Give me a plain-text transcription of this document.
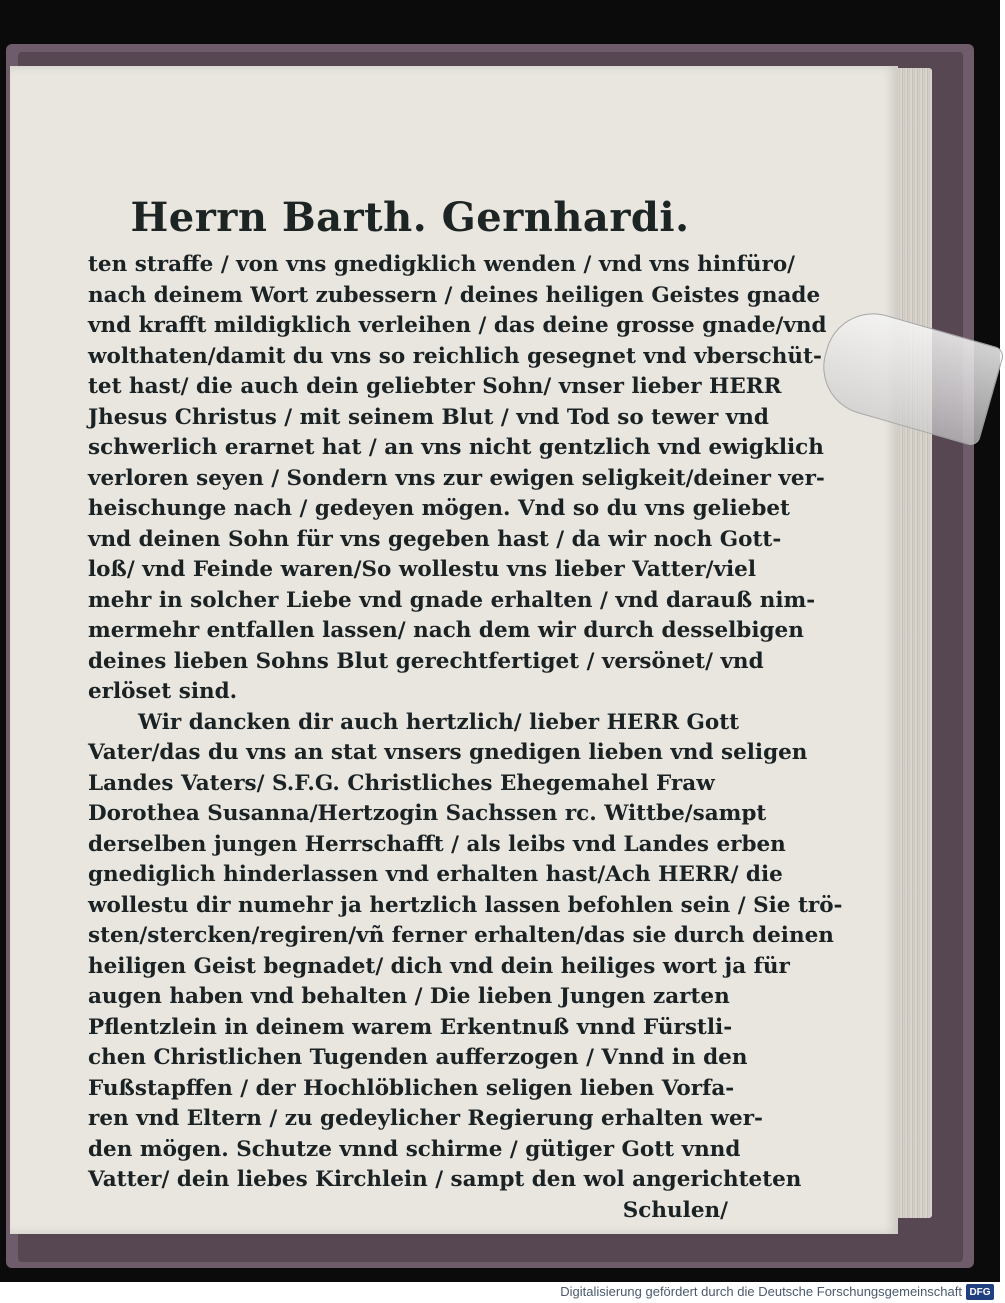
Herrn Barth. Gernhardi.
ten straffe / von vns gnedigklich wenden / vnd vns hinfüro/
nach deinem Wort zubessern / deines heiligen Geistes gnade
vnd krafft mildigklich verleihen / das deine grosse gnade/vnd
wolthaten/damit du vns so reichlich gesegnet vnd vberschüt-
tet hast/ die auch dein geliebter Sohn/ vnser lieber HERR
Jhesus Christus / mit seinem Blut / vnd Tod so tewer vnd
schwerlich erarnet hat / an vns nicht gentzlich vnd ewigklich
verloren seyen / Sondern vns zur ewigen seligkeit/deiner ver-
heischunge nach / gedeyen mögen. Vnd so du vns geliebet
vnd deinen Sohn für vns gegeben hast / da wir noch Gott-
loß/ vnd Feinde waren/So wollestu vns lieber Vatter/viel
mehr in solcher Liebe vnd gnade erhalten / vnd darauß nim-
mermehr entfallen lassen/ nach dem wir durch desselbigen
deines lieben Sohns Blut gerechtfertiget / versönet/ vnd
erlöset sind.
Wir dancken dir auch hertzlich/ lieber HERR Gott
Vater/das du vns an stat vnsers gnedigen lieben vnd seligen
Landes Vaters/ S.F.G. Christliches Ehegemahel Fraw
Dorothea Susanna/Hertzogin Sachssen rc. Wittbe/sampt
derselben jungen Herrschafft / als leibs vnd Landes erben
gnediglich hinderlassen vnd erhalten hast/Ach HERR/ die
wollestu dir numehr ja hertzlich lassen befohlen sein / Sie trö-
sten/stercken/regiren/vñ ferner erhalten/das sie durch deinen
heiligen Geist begnadet/ dich vnd dein heiliges wort ja für
augen haben vnd behalten / Die lieben Jungen zarten
Pflentzlein in deinem warem Erkentnuß vnnd Fürstli-
chen Christlichen Tugenden aufferzogen / Vnnd in den
Fußstapffen / der Hochlöblichen seligen lieben Vorfa-
ren vnd Eltern / zu gedeylicher Regierung erhalten wer-
den mögen. Schutze vnnd schirme / gütiger Gott vnnd
Vatter/ dein liebes Kirchlein / sampt den wol angerichteten
Schulen/
Digitalisierung gefördert durch die Deutsche Forschungsgemeinschaft DFG
